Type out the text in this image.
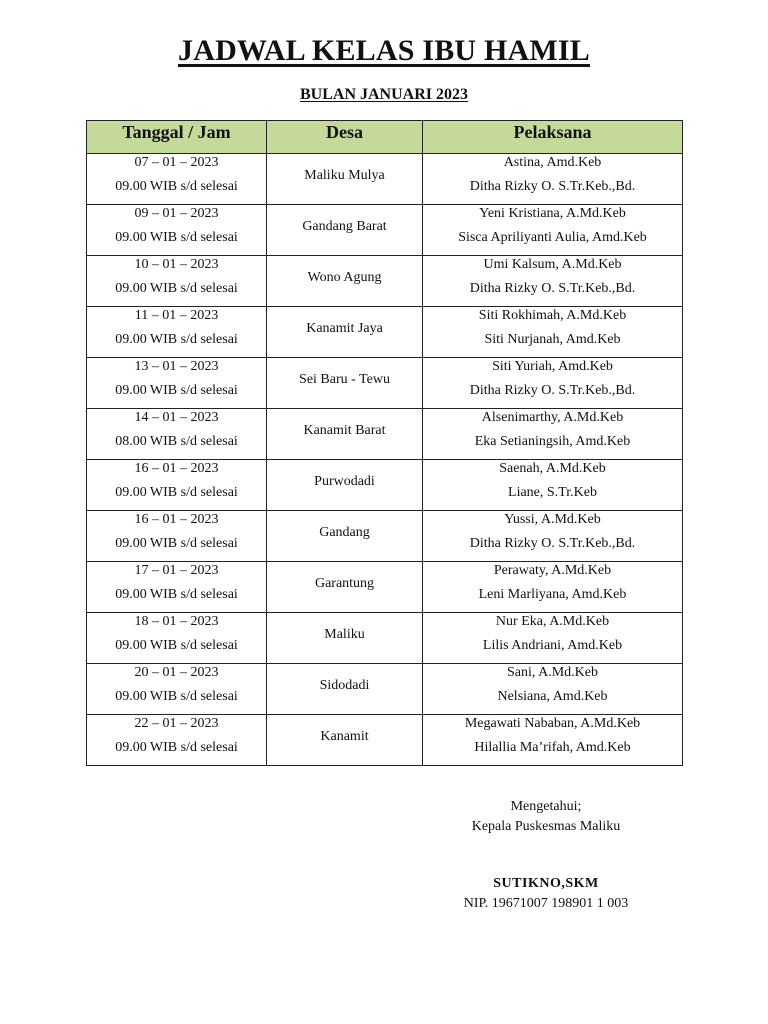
JADWAL KELAS IBU HAMIL
BULAN JANUARI 2023
Tanggal / Jam	Desa	Pelaksana

07 – 01 – 2023
09.00 WIB s/d selesai	Maliku Mulya	Astina, Amd.Keb
Ditha Rizky O. S.Tr.Keb.,Bd.

09 – 01 – 2023
09.00 WIB s/d selesai	Gandang Barat	Yeni Kristiana, A.Md.Keb
Sisca Apriliyanti Aulia, Amd.Keb

10 – 01 – 2023
09.00 WIB s/d selesai	Wono Agung	Umi Kalsum, A.Md.Keb
Ditha Rizky O. S.Tr.Keb.,Bd.

11 – 01 – 2023
09.00 WIB s/d selesai	Kanamit Jaya	Siti Rokhimah, A.Md.Keb
Siti Nurjanah, Amd.Keb

13 – 01 – 2023
09.00 WIB s/d selesai	Sei Baru - Tewu	Siti Yuriah, Amd.Keb
Ditha Rizky O. S.Tr.Keb.,Bd.

14 – 01 – 2023
08.00 WIB s/d selesai	Kanamit Barat	Alsenimarthy, A.Md.Keb
Eka Setianingsih, Amd.Keb

16 – 01 – 2023
09.00 WIB s/d selesai	Purwodadi	Saenah, A.Md.Keb
Liane, S.Tr.Keb

16 – 01 – 2023
09.00 WIB s/d selesai	Gandang	Yussi, A.Md.Keb
Ditha Rizky O. S.Tr.Keb.,Bd.

17 – 01 – 2023
09.00 WIB s/d selesai	Garantung	Perawaty, A.Md.Keb
Leni Marliyana, Amd.Keb

18 – 01 – 2023
09.00 WIB s/d selesai	Maliku	Nur Eka, A.Md.Keb
Lilis Andriani, Amd.Keb

20 – 01 – 2023
09.00 WIB s/d selesai	Sidodadi	Sani, A.Md.Keb
Nelsiana, Amd.Keb

22 – 01 – 2023
09.00 WIB s/d selesai	Kanamit	Megawati Nababan, A.Md.Keb
Hilallia Ma’rifah, Amd.Keb
Mengetahui;
Kepala Puskesmas Maliku
SUTIKNO,SKM
NIP. 19671007 198901 1 003
